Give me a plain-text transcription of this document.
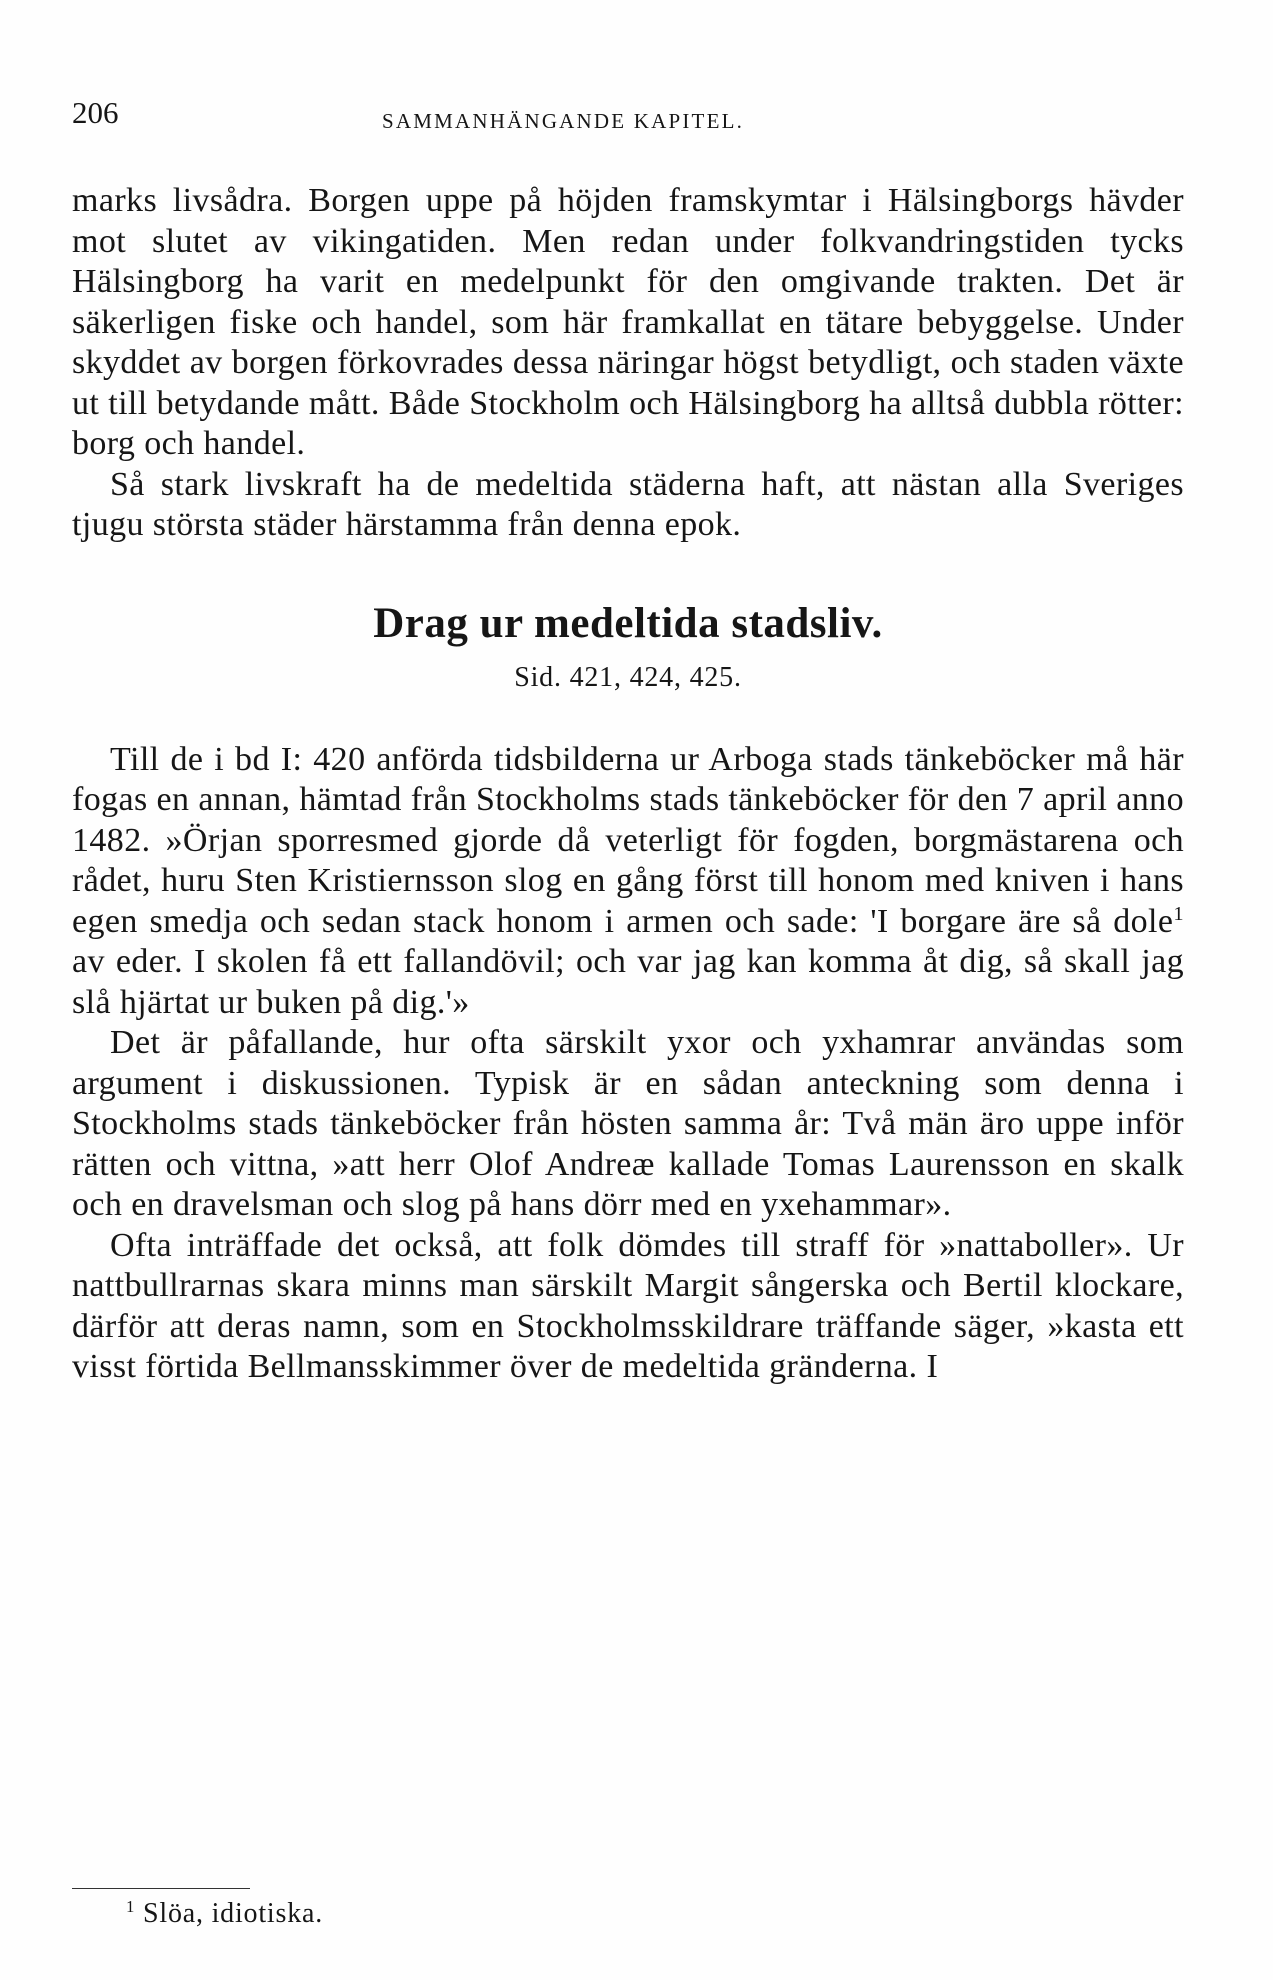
206	SAMMANHÄNGANDE KAPITEL.

marks livsådra. Borgen uppe på höjden framskymtar i Hälsingborgs hävder mot slutet av vikingatiden. Men redan under folkvandringstiden tycks Hälsingborg ha varit en medelpunkt för den omgivande trakten. Det är säkerligen fiske och handel, som här framkallat en tätare bebyggelse. Under skyddet av borgen förkovrades dessa näringar högst betydligt, och staden växte ut till betydande mått. Både Stockholm och Hälsingborg ha alltså dubbla rötter: borg och handel.

Så stark livskraft ha de medeltida städerna haft, att nästan alla Sveriges tjugu största städer härstamma från denna epok.

Drag ur medeltida stadsliv.
Sid. 421, 424, 425.

Till de i bd I: 420 anförda tidsbilderna ur Arboga stads tänkeböcker må här fogas en annan, hämtad från Stockholms stads tänkeböcker för den 7 april anno 1482. »Örjan sporresmed gjorde då veterligt för fogden, borgmästarena och rådet, huru Sten Kristiernsson slog en gång först till honom med kniven i hans egen smedja och sedan stack honom i armen och sade: 'I borgare äre så dole$^1$ av eder. I skolen få ett fallandövil; och var jag kan komma åt dig, så skall jag slå hjärtat ur buken på dig.'»

Det är påfallande, hur ofta särskilt yxor och yxhamrar användas som argument i diskussionen. Typisk är en sådan anteckning som denna i Stockholms stads tänkeböcker från hösten samma år: Två män äro uppe inför rätten och vittna, »att herr Olof Andreæ kallade Tomas Laurensson en skalk och en dravelsman och slog på hans dörr med en yxehammar».

Ofta inträffade det också, att folk dömdes till straff för »nattaboller». Ur nattbullrarnas skara minns man särskilt Margit sångerska och Bertil klockare, därför att deras namn, som en Stockholmsskildrare träffande säger, »kasta ett visst förtida Bellmansskimmer över de medeltida gränderna. I

$^1$ Slöa, idiotiska.
